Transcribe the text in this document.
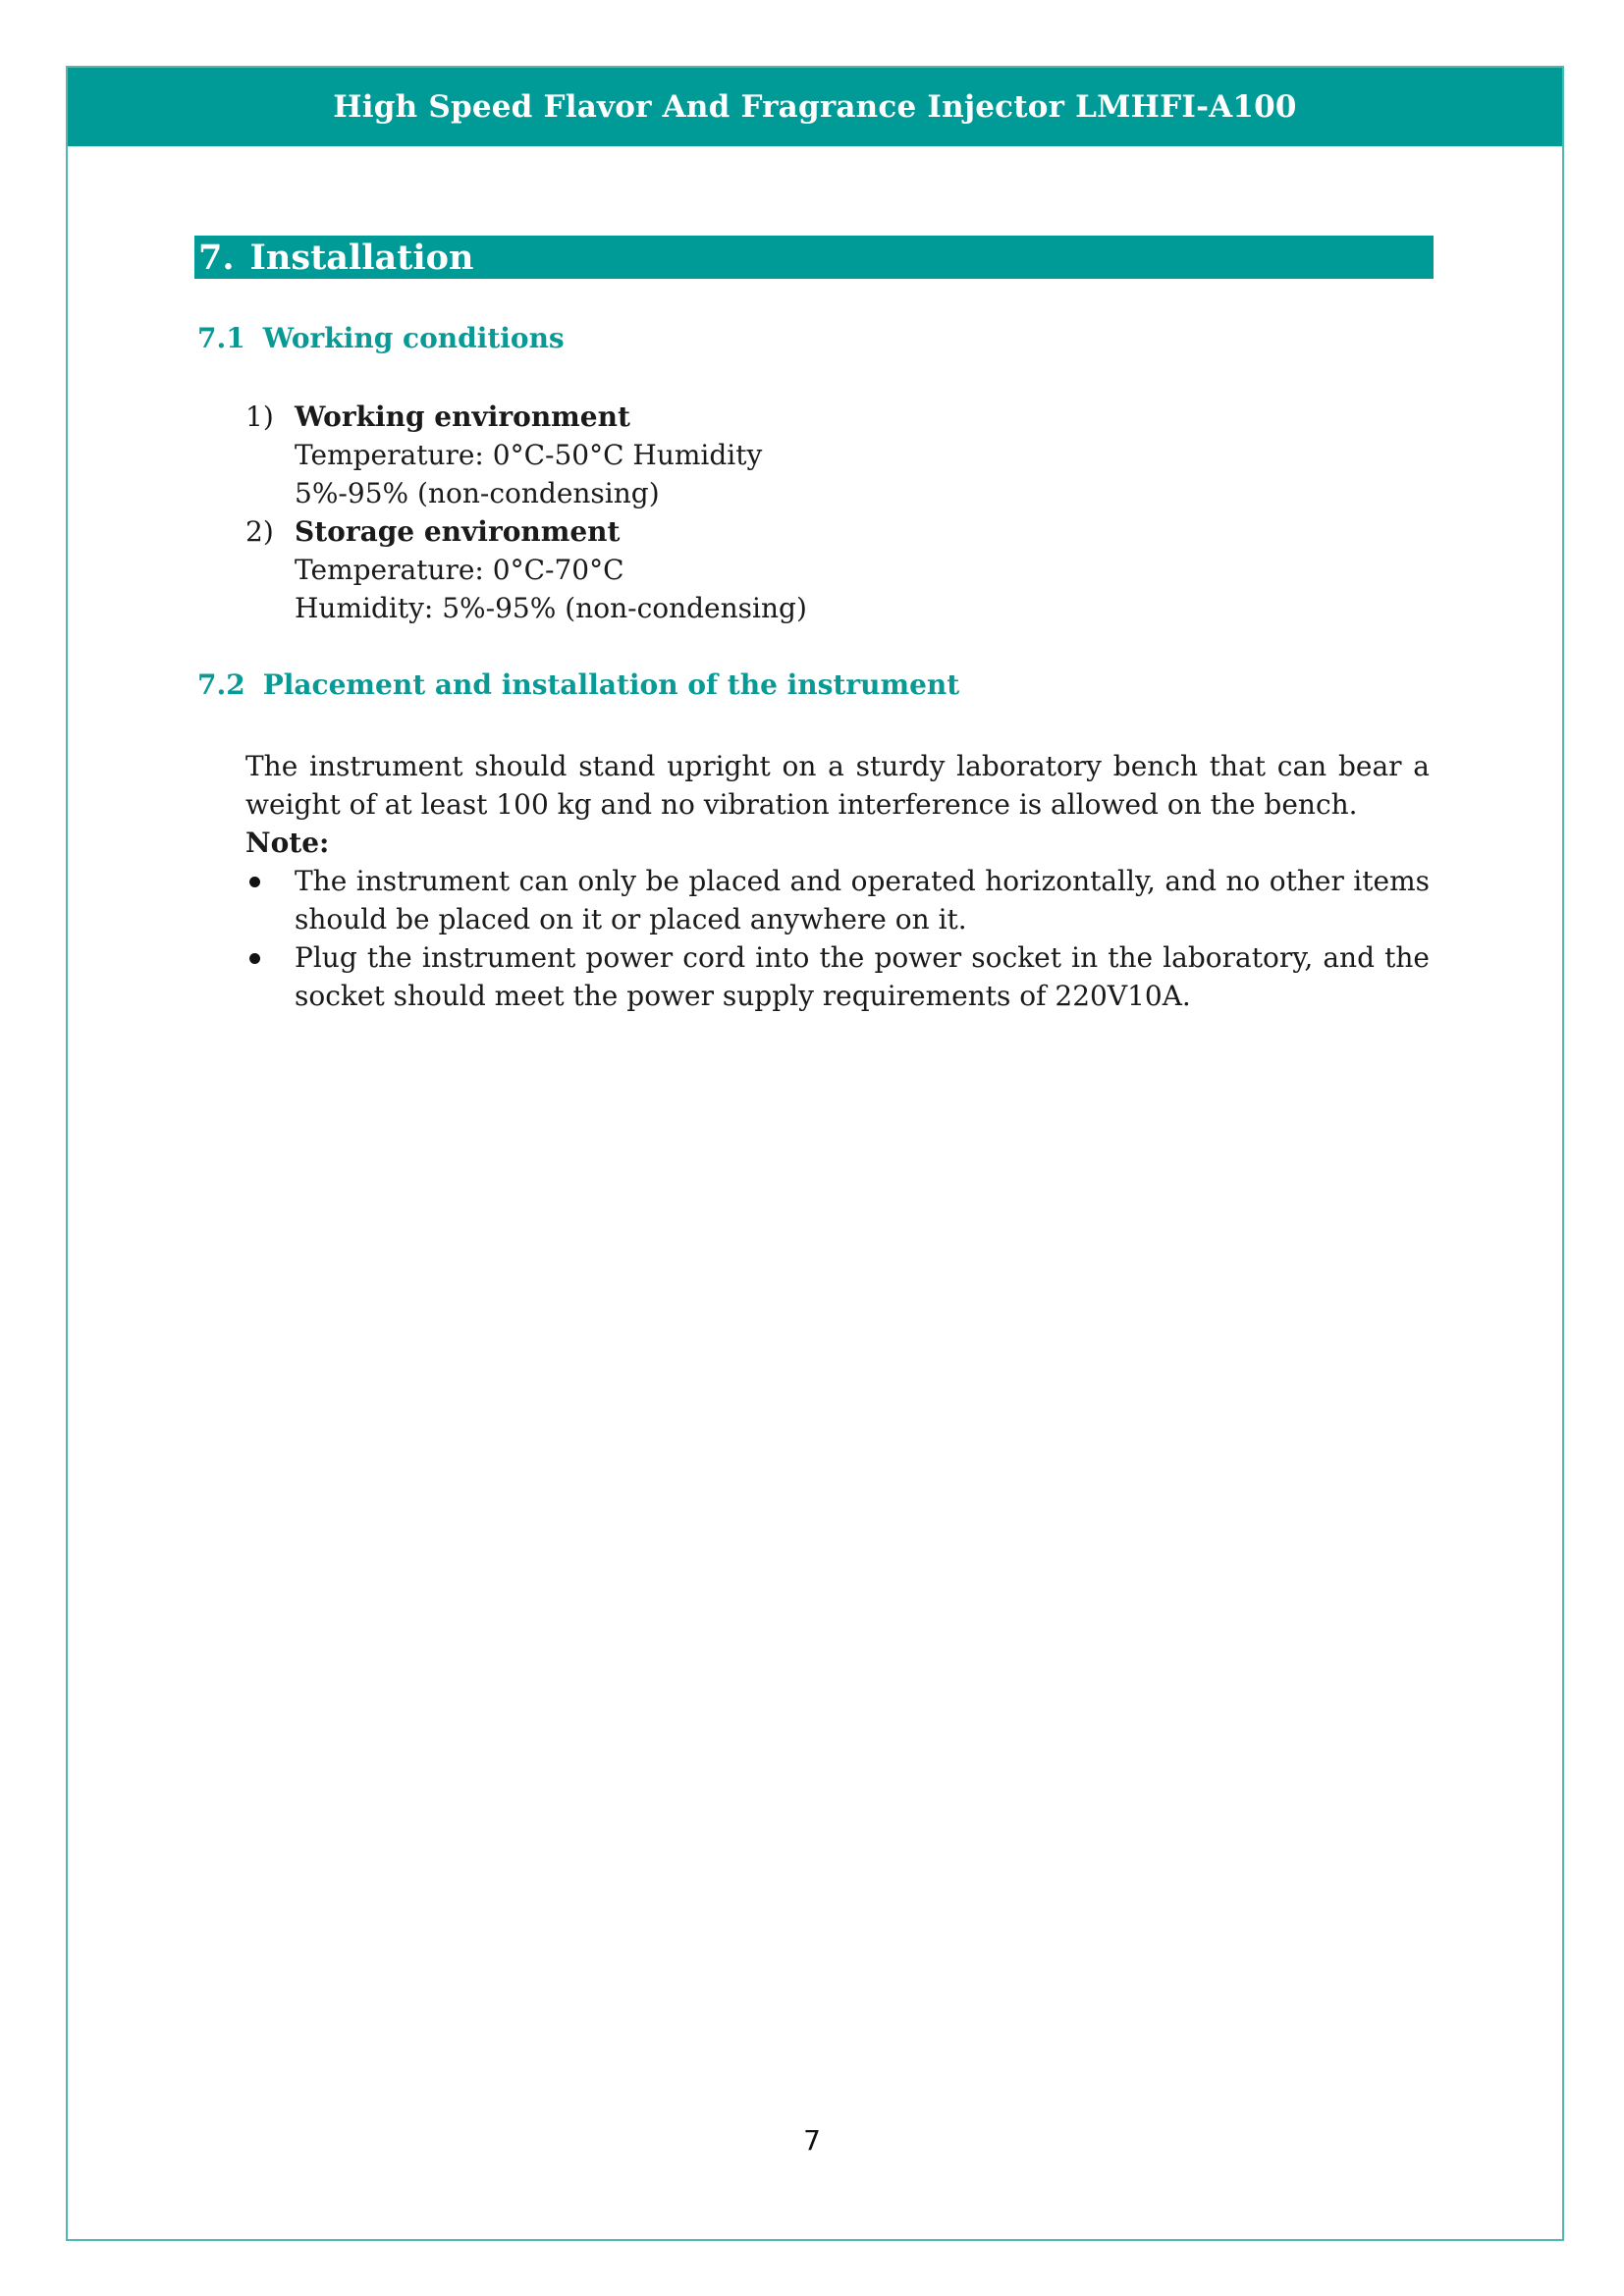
High Speed Flavor And Fragrance Injector LMHFI-A100
7. Installation
7.1 Working conditions
1) Working environment
Temperature: 0°C-50°C Humidity
5%-95% (non-condensing)
2) Storage environment
Temperature: 0°C-70°C
Humidity: 5%-95% (non-condensing)
7.2 Placement and installation of the instrument
The instrument should stand upright on a sturdy laboratory bench that can bear a weight of at least 100 kg and no vibration interference is allowed on the bench.
Note:
The instrument can only be placed and operated horizontally, and no other items should be placed on it or placed anywhere on it.
Plug the instrument power cord into the power socket in the laboratory, and the socket should meet the power supply requirements of 220V10A.
7
